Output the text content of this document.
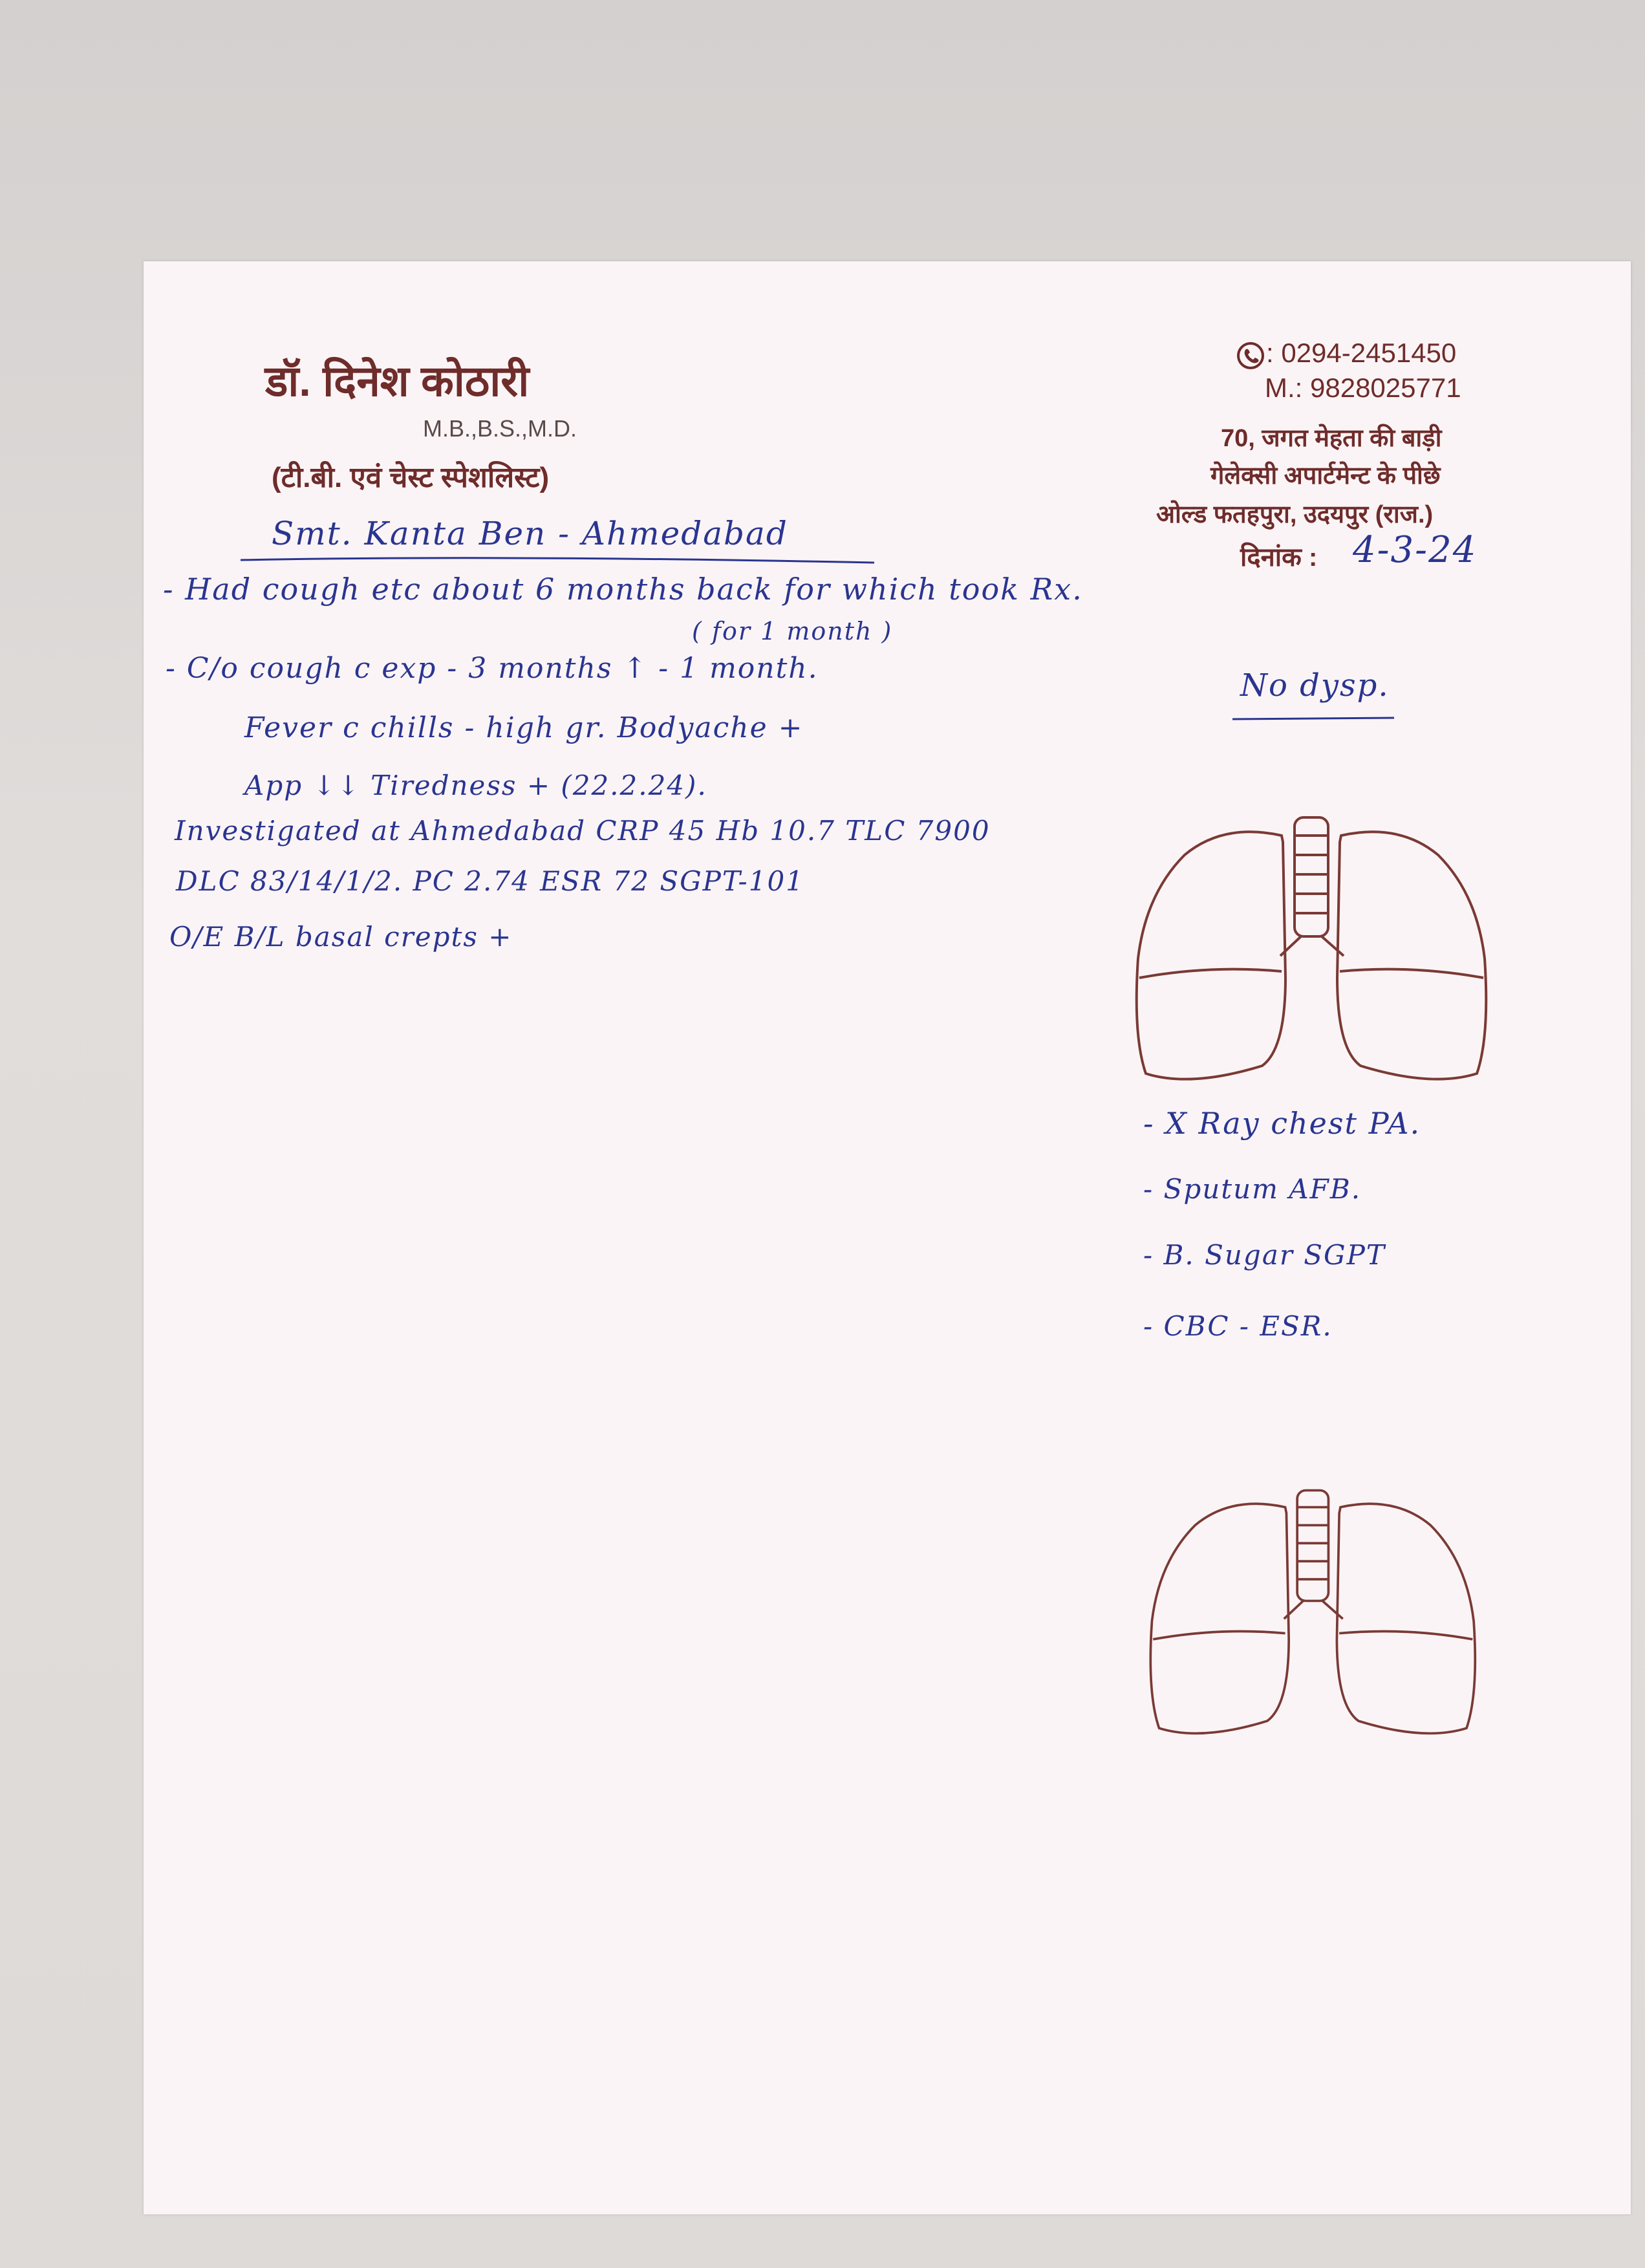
डॉ. दिनेश कोठारी
M.B.,B.S.,M.D.
(टी.बी. एवं चेस्ट स्पेशलिस्ट)
: 0294-2451450
M.: 9828025771
70, जगत मेहता की बाड़ी
गेलेक्सी अपार्टमेन्ट के पीछे
ओल्ड फतहपुरा, उदयपुर (राज.)
दिनांक : 4-3-24
Smt. Kanta Ben - Ahmedabad
- Had cough etc about 6 months back for which took Rx.
( for 1 month )
- C/o cough c exp - 3 months ↑ - 1 month.
Fever c chills - high gr. Bodyache +
App ↓↓ Tiredness + (22.2.24).
Investigated at Ahmedabad CRP 45 Hb 10.7 TLC 7900
DLC 83/14/1/2. PC 2.74 ESR 72 SGPT-101
O/E B/L basal crepts +
No dysp.
- X Ray chest PA.
- Sputum AFB.
- B. Sugar SGPT
- CBC - ESR.
